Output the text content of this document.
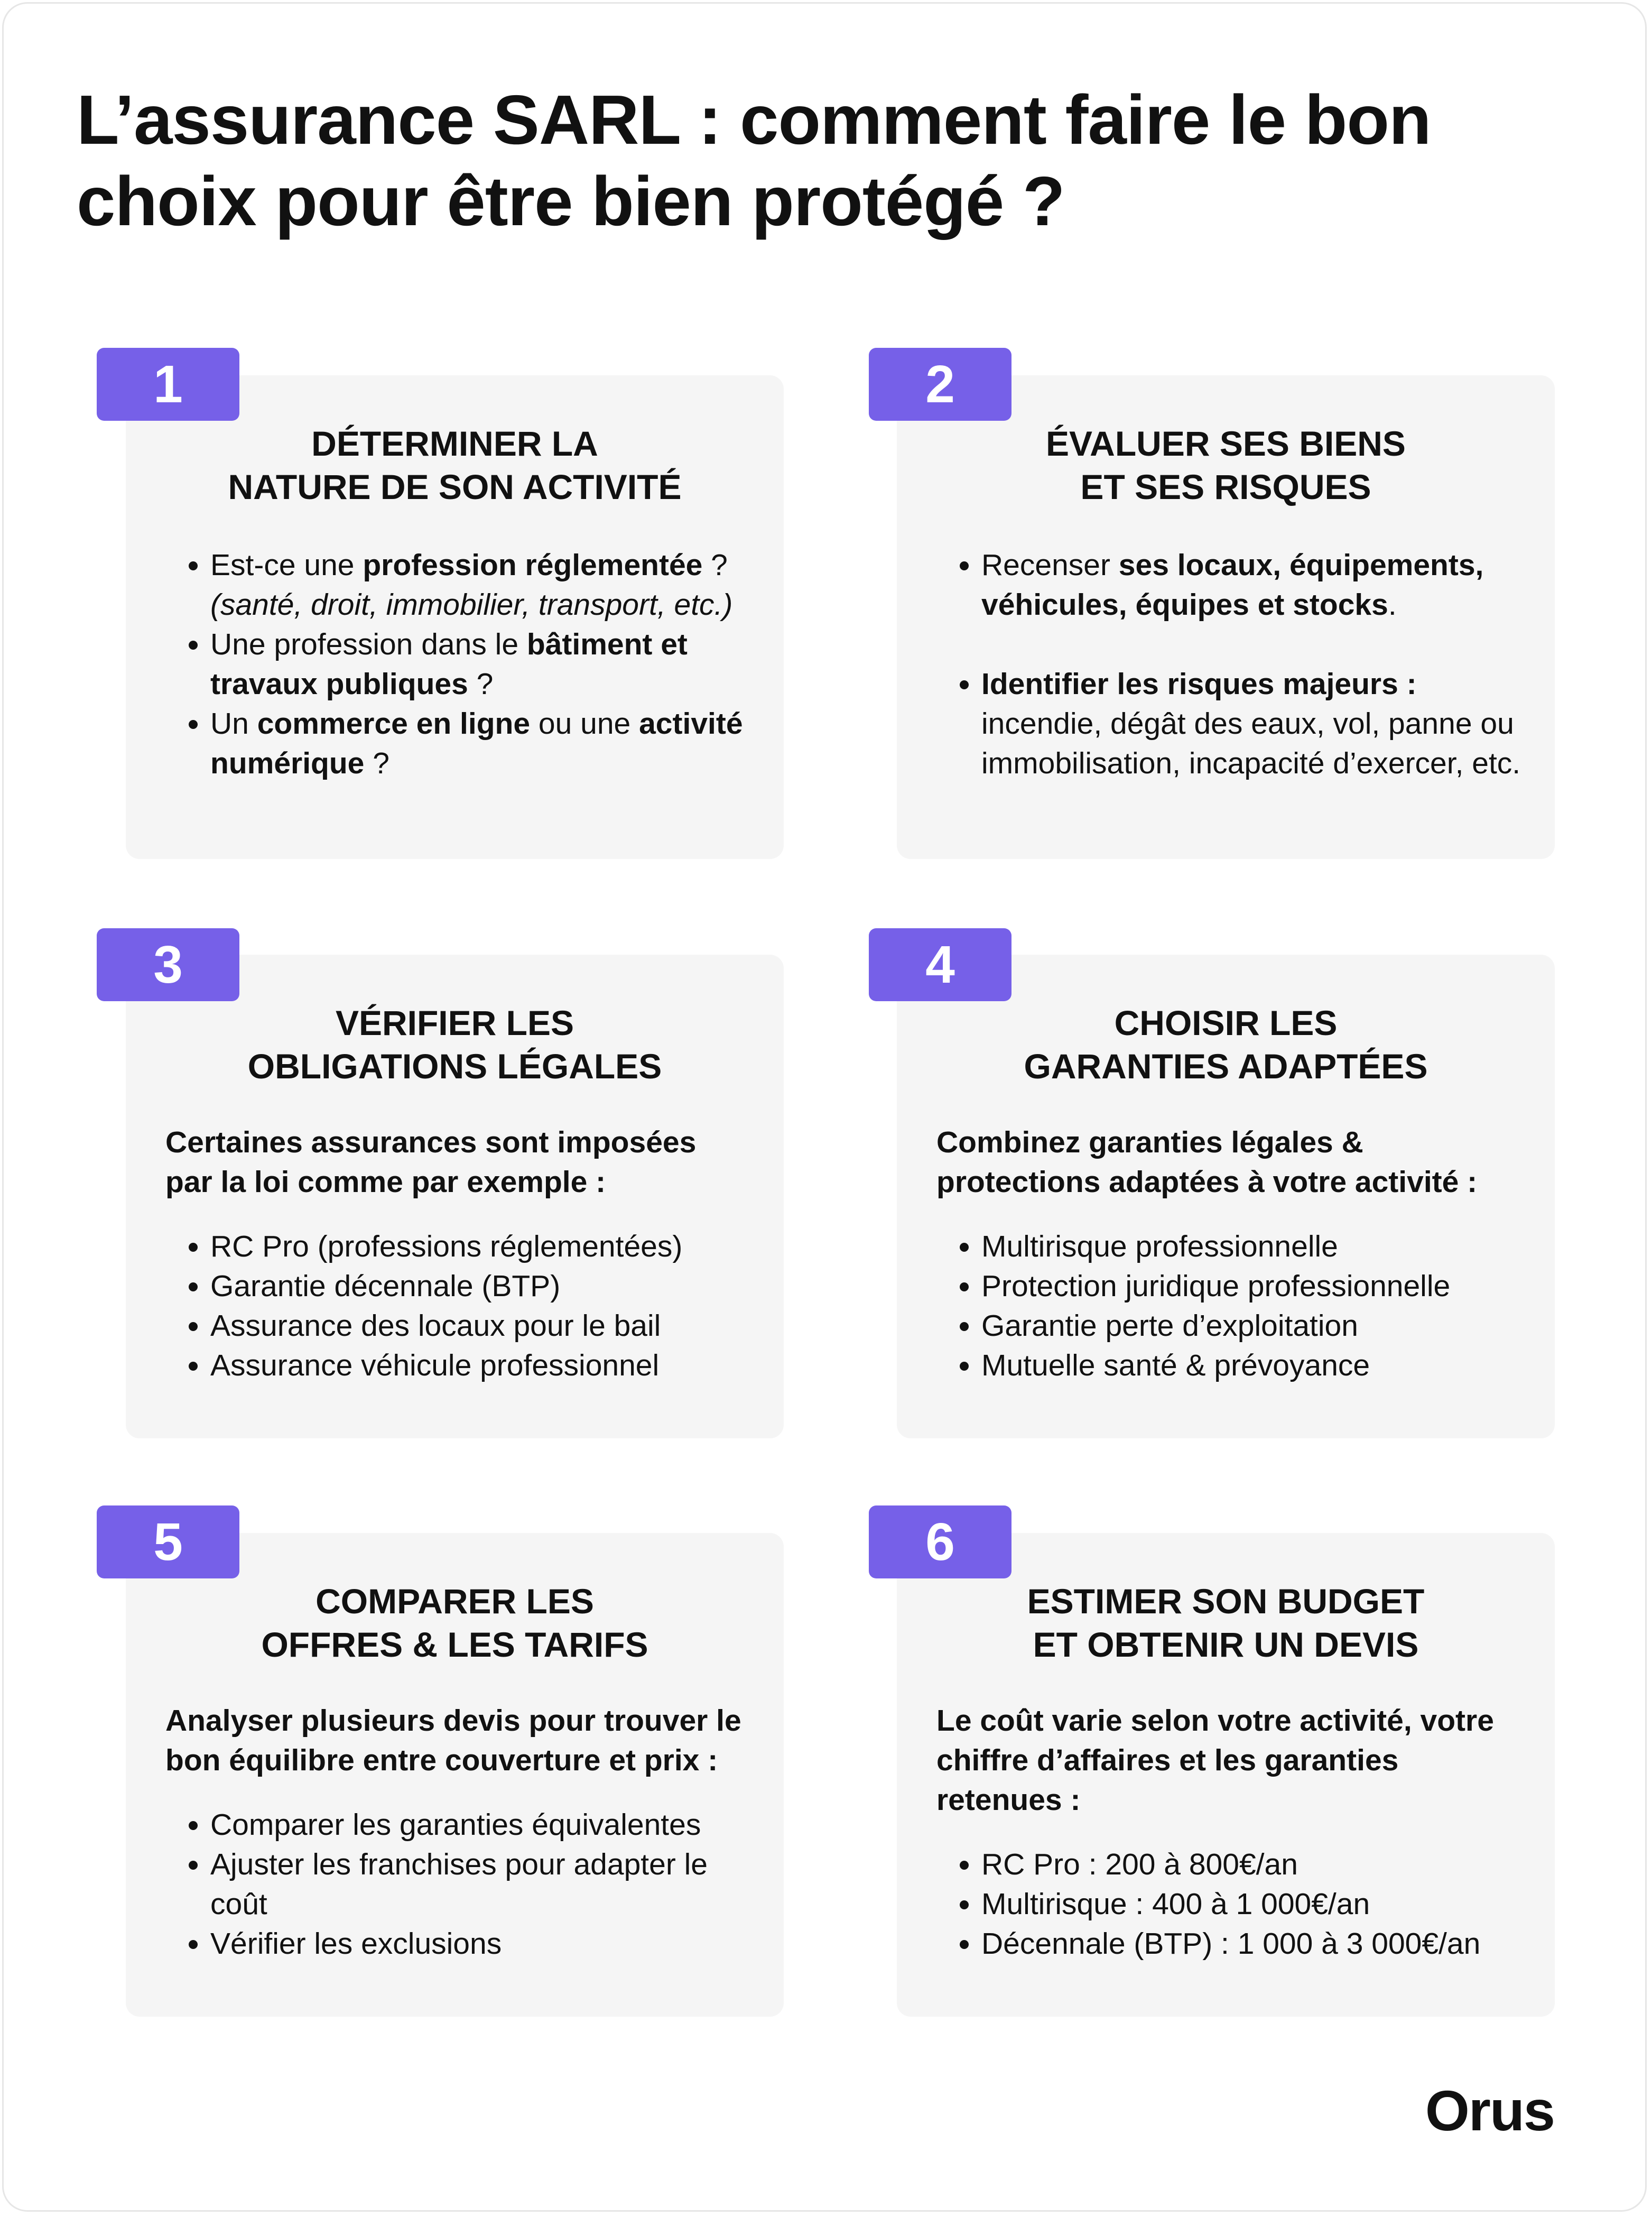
L’assurance SARL : comment faire le bon
choix pour être bien protégé ?
DÉTERMINER LA
NATURE DE SON ACTIVITÉ
• Est-ce une profession réglementée ? (santé, droit, immobilier, transport, etc.)
• Une profession dans le bâtiment et travaux publiques ?
• Un commerce en ligne ou une activité numérique ?
1
ÉVALUER SES BIENS
ET SES RISQUES
• Recenser ses locaux, équipements, véhicules, équipes et stocks.
• Identifier les risques majeurs : incendie, dégât des eaux, vol, panne ou immobilisation, incapacité d’exercer, etc.
2
VÉRIFIER LES
OBLIGATIONS LÉGALES

Certaines assurances sont imposées
par la loi comme par exemple :

• RC Pro (professions réglementées)
• Garantie décennale (BTP)
• Assurance des locaux pour le bail
• Assurance véhicule professionnel
3
CHOISIR LES
GARANTIES ADAPTÉES

Combinez garanties légales &
protections adaptées à votre activité :

• Multirisque professionnelle
• Protection juridique professionnelle
• Garantie perte d’exploitation
• Mutuelle santé & prévoyance
4
COMPARER LES
OFFRES & LES TARIFS

Analyser plusieurs devis pour trouver le
bon équilibre entre couverture et prix :

• Comparer les garanties équivalentes
• Ajuster les franchises pour adapter le coût
• Vérifier les exclusions
5
ESTIMER SON BUDGET
ET OBTENIR UN DEVIS

Le coût varie selon votre activité, votre
chiffre d’affaires et les garanties
retenues :

• RC Pro : 200 à 800€/an
• Multirisque : 400 à 1 000€/an
• Décennale (BTP) : 1 000 à 3 000€/an
6
Orus
